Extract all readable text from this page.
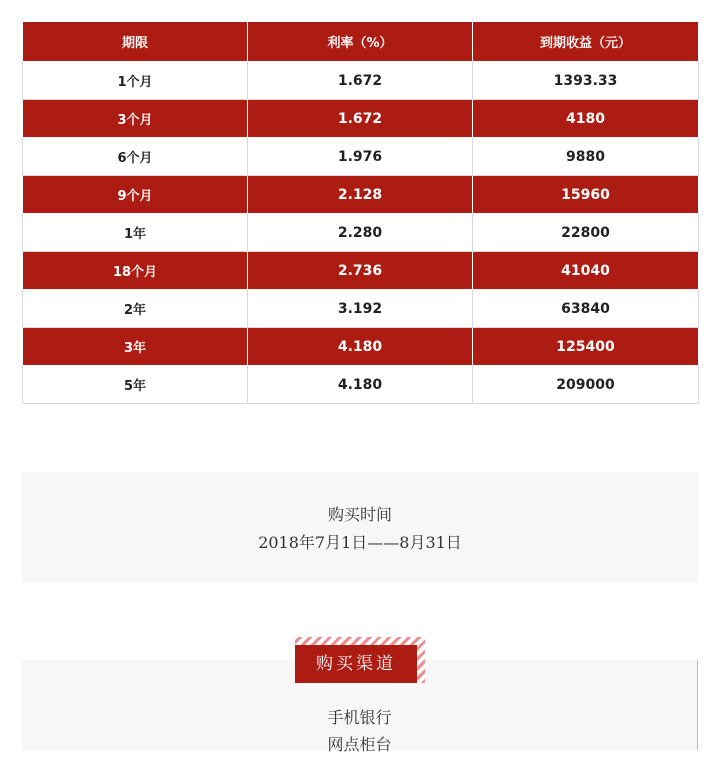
期限	利率（%）	到期收益（元）
1个月	1.672	1393.33
3个月	1.672	4180
6个月	1.976	9880
9个月	2.128	15960
1年	2.280	22800
18个月	2.736	41040
2年	3.192	63840
3年	4.180	125400
5年	4.180	209000
购买时间
2018年7月1日——8月31日
手机银行
网点柜台
购买渠道
